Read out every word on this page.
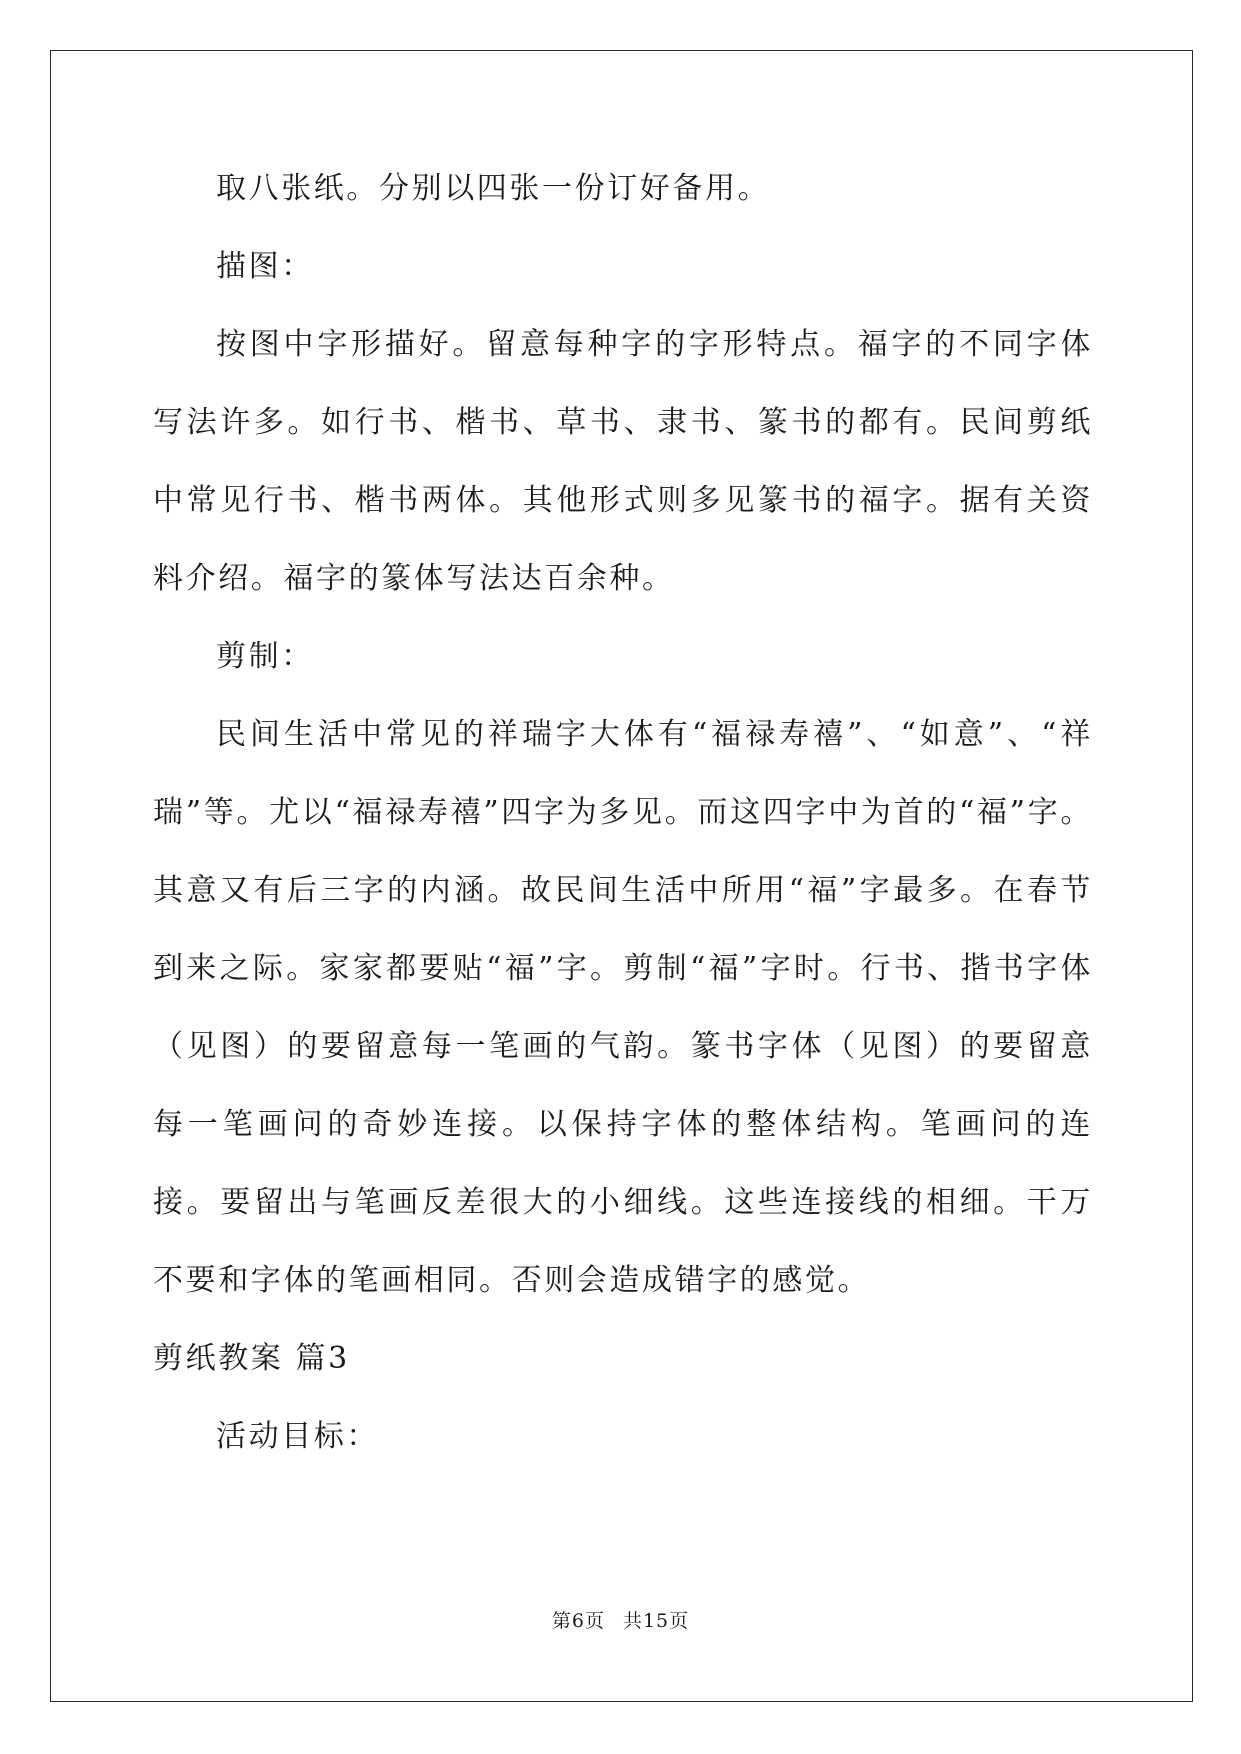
取八张纸。分别以四张一份订好备用。

描图：

按图中字形描好。留意每种字的字形特点。福字的不同字体写法许多。如行书、楷书、草书、隶书、篆书的都有。民间剪纸中常见行书、楷书两体。其他形式则多见篆书的福字。据有关资料介绍。福字的篆体写法达百余种。

剪制：

民间生活中常见的祥瑞字大体有“福禄寿禧”、“如意”、“祥瑞”等。尤以“福禄寿禧”四字为多见。而这四字中为首的“福”字。其意又有后三字的内涵。故民间生活中所用“福”字最多。在春节到来之际。家家都要贴“福”字。剪制“福”字时。行书、揩书字体（见图）的要留意每一笔画的气韵。篆书字体（见图）的要留意每一笔画问的奇妙连接。以保持字体的整体结构。笔画问的连接。要留出与笔画反差很大的小细线。这些连接线的相细。干万不要和字体的笔画相同。否则会造成错字的感觉。

剪纸教案 篇3

活动目标：

第6页 共15页
